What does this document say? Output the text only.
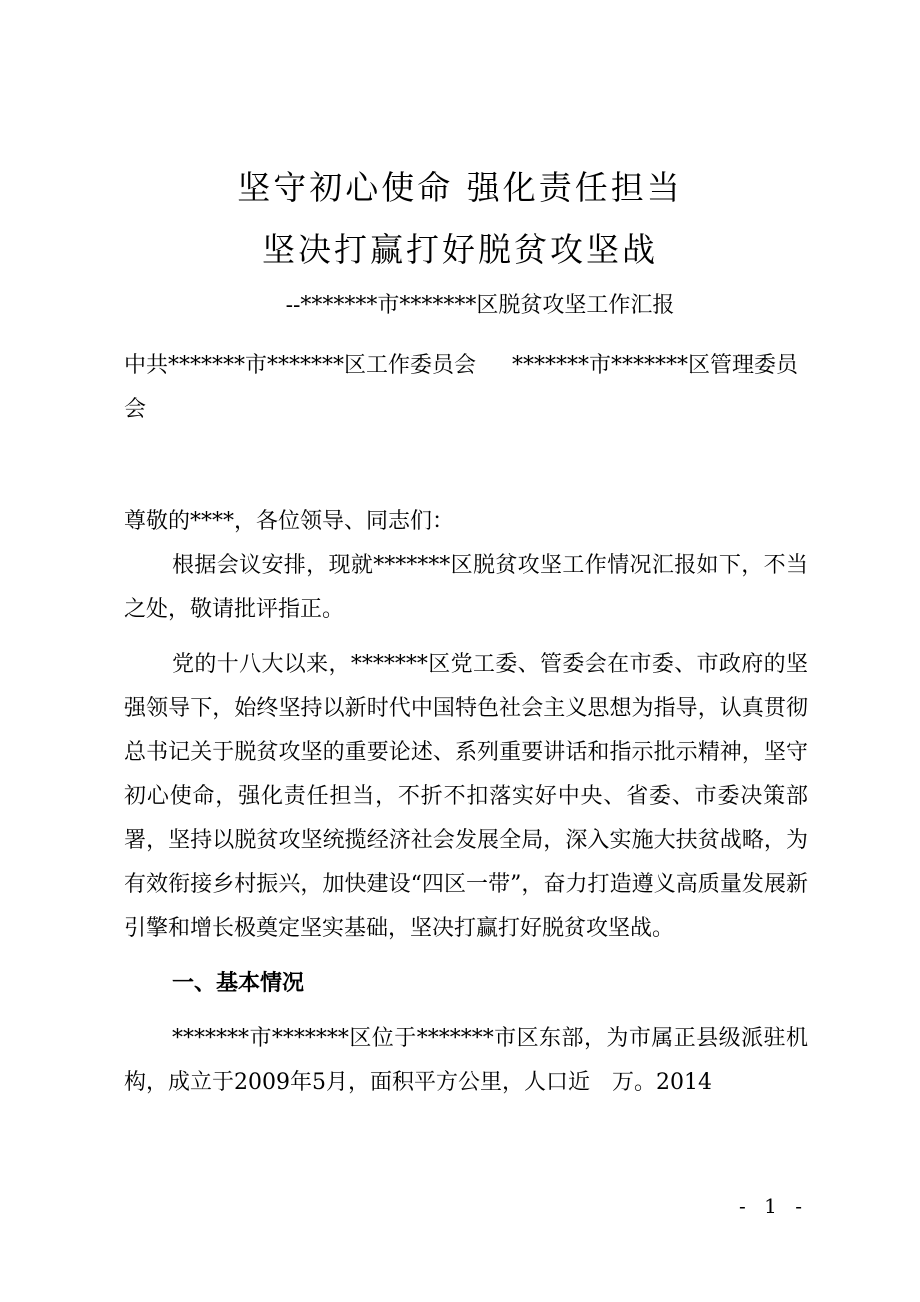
坚守初心使命 强化责任担当
坚决打赢打好脱贫攻坚战
--*******市*******区脱贫攻坚工作汇报
中共*******市*******区工作委员会 *******市*******区管理委员会

尊敬的****，各位领导、同志们：

根据会议安排，现就*******区脱贫攻坚工作情况汇报如下，不当之处，敬请批评指正。

党的十八大以来，*******区党工委、管委会在市委、市政府的坚强领导下，始终坚持以新时代中国特色社会主义思想为指导，认真贯彻总书记关于脱贫攻坚的重要论述、系列重要讲话和指示批示精神，坚守初心使命，强化责任担当，不折不扣落实好中央、省委、市委决策部署，坚持以脱贫攻坚统揽经济社会发展全局，深入实施大扶贫战略，为有效衔接乡村振兴，加快建设“四区一带”，奋力打造遵义高质量发展新引擎和增长极奠定坚实基础，坚决打赢打好脱贫攻坚战。

一、基本情况

*******市*******区位于*******市区东部，为市属正县级派驻机构，成立于2009年5月，面积平方公里，人口近　万。2014

- 1 -
